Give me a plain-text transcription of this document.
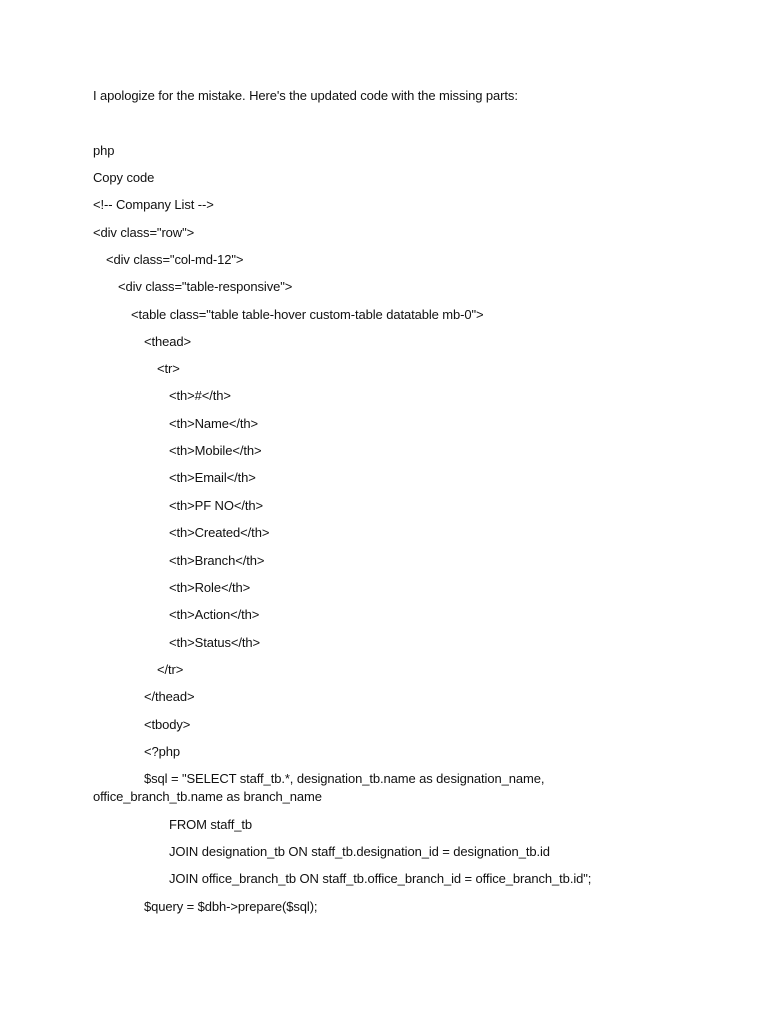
I apologize for the mistake. Here's the updated code with the missing parts:
php
Copy code
<!-- Company List -->
<div class="row">
<div class="col-md-12">
<div class="table-responsive">
<table class="table table-hover custom-table datatable mb-0">
<thead>
<tr>
<th>#</th>
<th>Name</th>
<th>Mobile</th>
<th>Email</th>
<th>PF NO</th>
<th>Created</th>
<th>Branch</th>
<th>Role</th>
<th>Action</th>
<th>Status</th>
</tr>
</thead>
<tbody>
<?php
$sql = "SELECT staff_tb.*, designation_tb.name as designation_name,
office_branch_tb.name as branch_name
FROM staff_tb
JOIN designation_tb ON staff_tb.designation_id = designation_tb.id
JOIN office_branch_tb ON staff_tb.office_branch_id = office_branch_tb.id";
$query = $dbh->prepare($sql);
